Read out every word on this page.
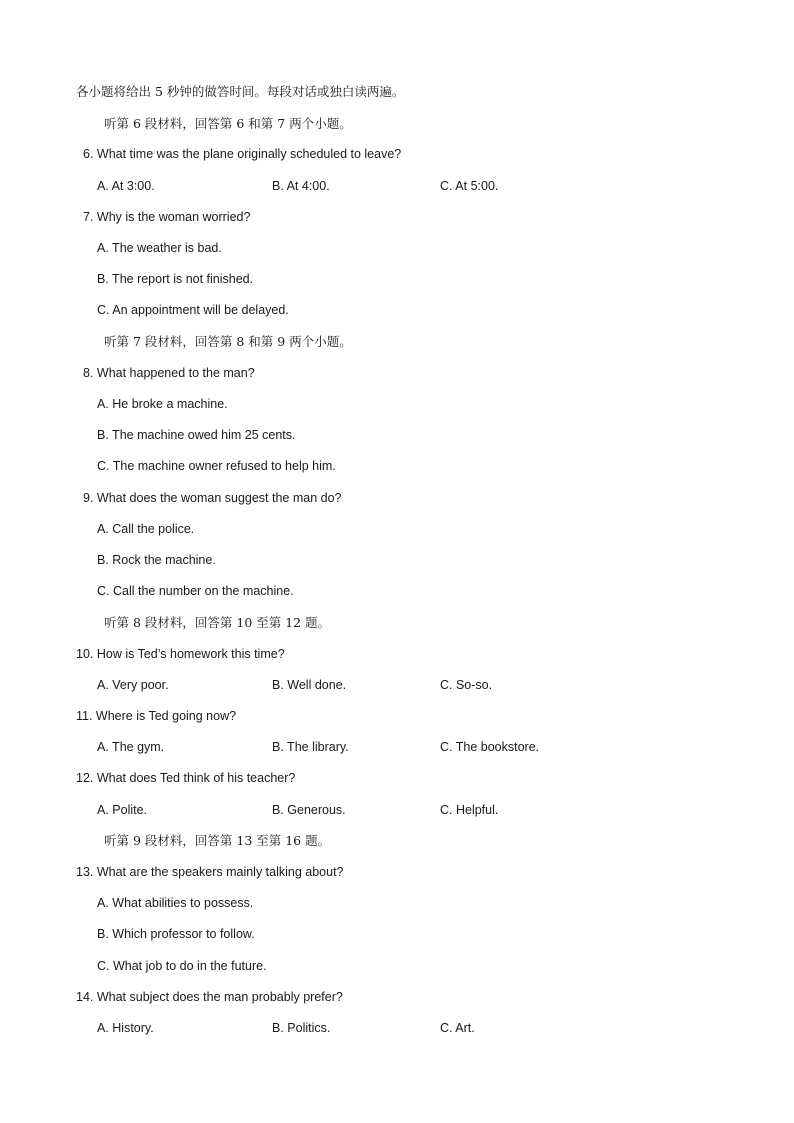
各小题将给出 5 秒钟的做答时间。每段对话或独白读两遍。
听第 6 段材料，回答第 6 和第 7 两个小题。
6. What time was the plane originally scheduled to leave?
A. At 3:00.	B. At 4:00.	C. At 5:00.
7. Why is the woman worried?
A. The weather is bad.
B. The report is not finished.
C. An appointment will be delayed.
听第 7 段材料，回答第 8 和第 9 两个小题。
8. What happened to the man?
A. He broke a machine.
B. The machine owed him 25 cents.
C. The machine owner refused to help him.
9. What does the woman suggest the man do?
A. Call the police.
B. Rock the machine.
C. Call the number on the machine.
听第 8 段材料，回答第 10 至第 12 题。
10. How is Ted’s homework this time?
A. Very poor.	B. Well done.	C. So-so.
11. Where is Ted going now?
A. The gym.	B. The library.	C. The bookstore.
12. What does Ted think of his teacher?
A. Polite.	B. Generous.	C. Helpful.
听第 9 段材料，回答第 13 至第 16 题。
13. What are the speakers mainly talking about?
A. What abilities to possess.
B. Which professor to follow.
C. What job to do in the future.
14. What subject does the man probably prefer?
A. History.	B. Politics.	C. Art.
